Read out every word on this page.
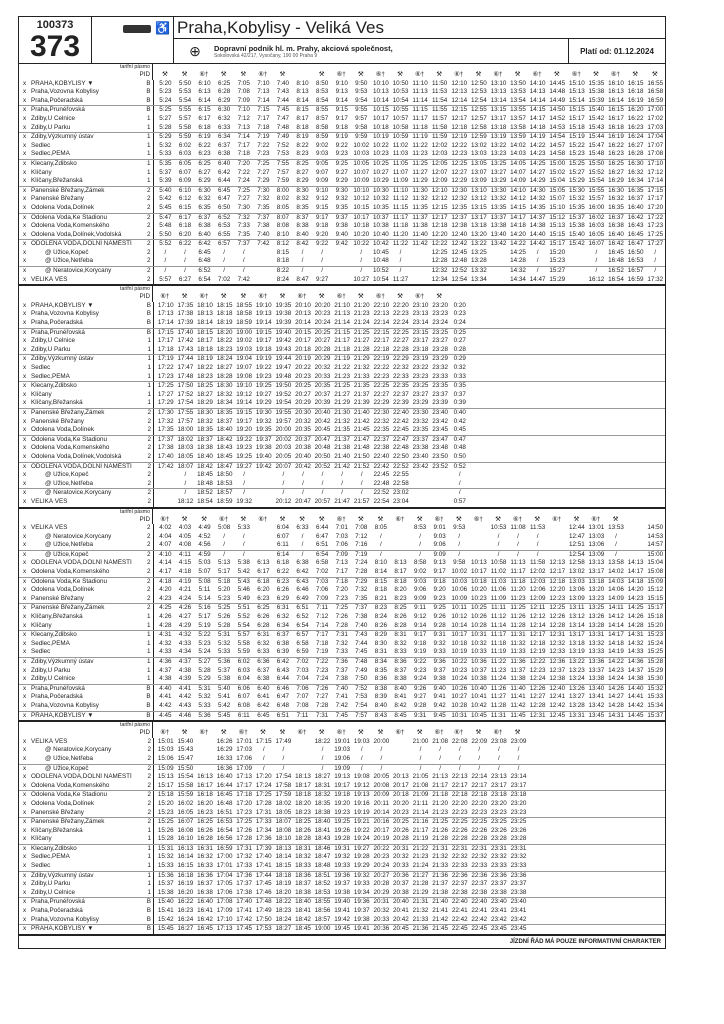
100373
373
♿ Praha,Kobylisy - Veliká Ves
⊕	Dopravní podnik hl. m. Prahy, akciová společnost,
Sokolovská 42/217, Vysočany, 190 00 Praha 9	Platí od: 01.12.2024
tarifní pásmo
PID	⚒	⚒	⑥†	⚒	⚒	⑥†	⚒	⚒	⑥†	⚒	⑥†	⚒	⑥†	⚒	⑥†	⚒	⑥†	⚒	⑥†	⚒	⑥†	⚒	⑥†	⚒	⚒
x PRAHA,KOBYLISY ▼	B	5:20	5:50	6:10	6:25	7:05	7:10	7:40	8:10	8:50	9:10	9:50 10:10 10:50 11:10 11:50 12:10 12:50 13:10 13:50 14:10 14:45 15:10 15:35 16:10 16:15 16:55
x Praha,Vozovna Kobylisy	B	5:23	5:53	6:13	6:28	7:08	7:13	7:43	8:13	8:53	9:13	9:53 10:13 10:53 11:13 11:53 12:13 12:53 13:13 13:53 14:13 14:48 15:13 15:38 16:13 16:18 16:58
x Praha,Počeradská	B	5:24	5:54	6:14	6:29	7:09	7:14	7:44	8:14	8:54	9:14	9:54 10:14 10:54 11:14 11:54 12:14 12:54 13:14 13:54 14:14 14:49 15:14 15:39 16:14 16:19 16:59
x Praha,Prunéřovská	B	5:25	5:55	6:15	6:30	7:10	7:15	7:45	8:15	8:55	9:15	9:55 10:15 10:55 11:15 11:55 12:15 12:55 13:15 13:55 14:15 14:50 15:15 15:40 16:15 16:20 17:00
x Zdiby,U Celnice	1	5:27	5:57	6:17	6:32	7:12	7:17	7:47	8:17	8:57	9:17	9:57 10:17 10:57 11:17 11:57 12:17 12:57 13:17 13:57 14:17 14:52 15:17 15:42 16:17 16:22 17:02
x Zdiby,U Parku	1	5:28	5:58	6:18	6:33	7:13	7:18	7:48	8:18	8:58	9:18	9:58 10:18 10:58 11:18 11:58 12:18 12:58 13:18 13:58 14:18 14:53 15:18 15:43 16:18 16:23 17:03
x Zdiby,Výzkumný ústav	1	5:29	5:59	6:19	6:34	7:14	7:19	7:49	8:19	8:59	9:19	9:59 10:19 10:59 11:19 11:59 12:19 12:59 13:19 13:59 14:19 14:54 15:19 15:44 16:19 16:24 17:04
x Sedlec	1	5:32	6:02	6:22	6:37	7:17	7:22	7:52	8:22	9:02	9:22 10:02 10:22 11:02 11:22 12:02 12:22 13:02 13:22 14:02 14:22 14:57 15:22 15:47 16:22 16:27 17:07
x Sedlec,PEMA	1	5:33	6:03	6:23	6:38	7:18	7:23	7:53	8:23	9:03	9:23 10:03 10:23 11:03 11:23 12:03 12:23 13:03 13:23 14:03 14:23 14:58 15:23 15:48 16:23 16:28 17:08
x Klecany,Zdibsko	1	5:35	6:05	6:25	6:40	7:20	7:25	7:55	8:25	9:05	9:25 10:05 10:25 11:05 11:25 12:05 12:25 13:05 13:25 14:05 14:25 15:00 15:25 15:50 16:25 16:30 17:10
x Klíčany	1	5:37	6:07	6:27	6:42	7:22	7:27	7:57	8:27	9:07	9:27 10:07 10:27 11:07 11:27 12:07 12:27 13:07 13:27 14:07 14:27 15:02 15:27 15:52 16:27 16:32 17:12
x Klíčany,Břežanská	1	5:39	6:09	6:29	6:44	7:24	7:29	7:59	8:29	9:09	9:29 10:09 10:29 11:09 11:29 12:09 12:29 13:09 13:29 14:09 14:29 15:04 15:29 15:54 16:29 16:34 17:14
x Panenské Břežany,Zámek	2	5:40	6:10	6:30	6:45	7:25	7:30	8:00	8:30	9:10	9:30 10:10 10:30 11:10 11:30 12:10 12:30 13:10 13:30 14:10 14:30 15:05 15:30 15:55 16:30 16:35 17:15
x Panenské Břežany	2	5:42	6:12	6:32	6:47	7:27	7:32	8:02	8:32	9:12	9:32 10:12 10:32 11:12 11:32 12:12 12:32 13:12 13:32 14:12 14:32 15:07 15:32 15:57 16:32 16:37 17:17
x Odolena Voda,Dolínek	2	5:45	6:15	6:35	6:50	7:30	7:35	8:05	8:35	9:15	9:35 10:15 10:35 11:15 11:35 12:15 12:35 13:15 13:35 14:15 14:35 15:10 15:35 16:00 16:35 16:40 17:20
x Odolena Voda,Ke Stadionu	2	5:47	6:17	6:37	6:52	7:32	7:37	8:07	8:37	9:17	9:37 10:17 10:37 11:17 11:37 12:17 12:37 13:17 13:37 14:17 14:37 15:12 15:37 16:02 16:37 16:42 17:22
x Odolena Voda,Komenského	2	5:48	6:18	6:38	6:53	7:33	7:38	8:08	8:38	9:18	9:38 10:18 10:38 11:18 11:38 12:18 12:38 13:18 13:38 14:18 14:38 15:13 15:38 16:03 16:38 16:43 17:23
x Odolena Voda,Dolínek,Vodolská	2	5:50	6:20	6:40	6:55	7:35	7:40	8:10	8:40	9:20	9:40 10:20 10:40 11:20 11:40 12:20 12:40 13:20 13:40 14:20 14:40 15:15 15:40 16:05 16:40 16:45 17:25
x ODOLENA VODA,DOLNÍ NÁMĚSTÍ	2	5:52	6:22	6:42	6:57	7:37	7:42	8:12	8:42	9:22	9:42 10:22 10:42 11:22 11:42 12:22 12:42 13:22 13:42 14:22 14:42 15:17 15:42 16:07 16:42 16:47 17:27
x	@ Užice,Kopeč	2	/	/	6:45	/	/	8:15	/	/	/	10:45	/	12:25 12:45 13:25	14:25	/	15:20	/	16:45 16:50	/
x	@ Užice,Netřeba	2	/	/	6:48	/	/	8:18	/	/	/	10:48	/	12:28 12:48 13:28	14:28	/	15:23	/	16:48 16:53	/
x	@ Neratovice,Korycany	2	/	/	6:52	/	/	8:22	/	/	/	10:52	/	12:32 12:52 13:32	14:32	/	15:27	/	16:52 16:57	/
x VELIKÁ VES	2	5:57	6:27	6:54	7:02	7:42	8:24	8:47	9:27	10:27 10:54 11:27	12:34 12:54 13:34	14:34 14:47 15:29	16:12 16:54 16:59 17:32
tarifní pásmo
PID	⑥†	⚒	⑥†	⚒	⚒	⑥†	⚒	⑥†	⚒	⑥†	⚒	⑥†	⚒	⑥†	⚒
x PRAHA,KOBYLISY ▼	B	17:10 17:35 18:10 18:15 18:55 19:10 19:35 20:10 20:20 21:10 21:20 22:10 22:20 23:10 23:20 0:20
x Praha,Vozovna Kobylisy	B	17:13 17:38 18:13 18:18 18:58 19:13 19:38 20:13 20:23 21:13 21:23 22:13 22:23 23:13 23:23 0:23
x Praha,Počeradská	B	17:14 17:39 18:14 18:19 18:59 19:14 19:39 20:14 20:24 21:14 21:24 22:14 22:24 23:14 23:24 0:24
x Praha,Prunéřovská	B	17:15 17:40 18:15 18:20 19:00 19:15 19:40 20:15 20:25 21:15 21:25 22:15 22:25 23:15 23:25 0:25
x Zdiby,U Celnice	1	17:17 17:42 18:17 18:22 19:02 19:17 19:42 20:17 20:27 21:17 21:27 22:17 22:27 23:17 23:27 0:27
x Zdiby,U Parku	1	17:18 17:43 18:18 18:23 19:03 19:18 19:43 20:18 20:28 21:18 21:28 22:18 22:28 23:18 23:28 0:28
x Zdiby,Výzkumný ústav	1	17:19 17:44 18:19 18:24 19:04 19:19 19:44 20:19 20:29 21:19 21:29 22:19 22:29 23:19 23:29 0:29
x Sedlec	1	17:22 17:47 18:22 18:27 19:07 19:22 19:47 20:22 20:32 21:22 21:32 22:22 22:32 23:22 23:32 0:32
x Sedlec,PEMA	1	17:23 17:48 18:23 18:28 19:08 19:23 19:48 20:23 20:33 21:23 21:33 22:23 22:33 23:23 23:33 0:33
x Klecany,Zdibsko	1	17:25 17:50 18:25 18:30 19:10 19:25 19:50 20:25 20:35 21:25 21:35 22:25 22:35 23:25 23:35 0:35
x Klíčany	1	17:27 17:52 18:27 18:32 19:12 19:27 19:52 20:27 20:37 21:27 21:37 22:27 22:37 23:27 23:37 0:37
x Klíčany,Břežanská	1	17:29 17:54 18:29 18:34 19:14 19:29 19:54 20:29 20:39 21:29 21:39 22:29 22:39 23:29 23:39 0:39
x Panenské Břežany,Zámek	2	17:30 17:55 18:30 18:35 19:15 19:30 19:55 20:30 20:40 21:30 21:40 22:30 22:40 23:30 23:40 0:40
x Panenské Břežany	2	17:32 17:57 18:32 18:37 19:17 19:32 19:57 20:32 20:42 21:32 21:42 22:32 22:42 23:32 23:42 0:42
x Odolena Voda,Dolínek	2	17:35 18:00 18:35 18:40 19:20 19:35 20:00 20:35 20:45 21:35 21:45 22:35 22:45 23:35 23:45 0:45
x Odolena Voda,Ke Stadionu	2	17:37 18:02 18:37 18:42 19:22 19:37 20:02 20:37 20:47 21:37 21:47 22:37 22:47 23:37 23:47 0:47
x Odolena Voda,Komenského	2	17:38 18:03 18:38 18:43 19:23 19:38 20:03 20:38 20:48 21:38 21:48 22:38 22:48 23:38 23:48 0:48
x Odolena Voda,Dolínek,Vodolská	2	17:40 18:05 18:40 18:45 19:25 19:40 20:05 20:40 20:50 21:40 21:50 22:40 22:50 23:40 23:50 0:50
x ODOLENA VODA,DOLNÍ NÁMĚSTÍ	2	17:42 18:07 18:42 18:47 19:27 19:42 20:07 20:42 20:52 21:42 21:52 22:42 22:52 23:42 23:52 0:52
x	@ Užice,Kopeč	2	/	18:45 18:50	/	/	/	/	/	/	22:45 22:55	/
x	@ Užice,Netřeba	2	/	18:48 18:53	/	/	/	/	/	/	22:48 22:58	/
x	@ Neratovice,Korycany	2	/	18:52 18:57	/	/	/	/	/	/	22:52 23:02	/
x VELIKÁ VES	2	18:12 18:54 18:59 19:32	20:12 20:47 20:57 21:47 21:57 22:54 23:04	0:57
tarifní pásmo
PID	⑥†	⚒	⚒	⑥†	⚒	⑥†	⚒	⚒	⚒	⑥†	⚒	⚒	⑥†	⚒	⑥†	⚒	⑥†	⚒	⑥†	⚒	⑥†	⚒	⑥†	⚒
x VELIKÁ VES	2	4:02	4:03	4:49	5:08	5:33	6:04	6:33	6:44	7:01	7:08	8:05	8:53	9:01	9:53	10:53 11:08 11:53	12:44 13:01 13:53	14:50
x	@ Neratovice,Korycany	2	4:04	4:05	4:52	/	/	6:07	/	6:47	7:03	7:12	/	/	9:03	/	/	/	/	12:47 13:03	/	14:53
x	@ Užice,Netřeba	2	4:07	4:08	4:56	/	/	6:11	/	6:51	7:06	7:16	/	/	9:06	/	/	/	/	12:51 13:06	/	14:57
x	@ Užice,Kopeč	2	4:10	4:11	4:59	/	/	6:14	/	6:54	7:09	7:19	/	/	9:09	/	/	/	/	12:54 13:09	/	15:00
x ODOLENA VODA,DOLNÍ NÁMĚSTÍ	2	4:14	4:15	5:03	5:13	5:38	6:13	6:18	6:38	6:58	7:13	7:24	8:10	8:13	8:58	9:13	9:58 10:13 10:58 11:13 11:58 12:13 12:58 13:13 13:58 14:13 15:04
x Odolena Voda,Komenského	2	4:17	4:18	5:07	5:17	5:42	6:17	6:22	6:42	7:02	7:17	7:28	8:14	8:17	9:02	9:17 10:02 10:17 11:02 11:17 12:02 12:17 13:02 13:17 14:02 14:17 15:08
x Odolena Voda,Ke Stadionu	2	4:18	4:19	5:08	5:18	5:43	6:18	6:23	6:43	7:03	7:18	7:29	8:15	8:18	9:03	9:18 10:03 10:18 11:03 11:18 12:03 12:18 13:03 13:18 14:03 14:18 15:09
x Odolena Voda,Dolínek	2	4:20	4:21	5:11	5:20	5:46	6:20	6:26	6:46	7:06	7:20	7:32	8:18	8:20	9:06	9:20 10:06 10:20 11:06 11:20 12:06 12:20 13:06 13:20 14:06 14:20 15:12
x Panenské Břežany	2	4:23	4:24	5:14	5:23	5:49	6:23	6:29	6:49	7:09	7:23	7:35	8:21	8:23	9:09	9:23 10:09 10:23 11:09 11:23 12:09 12:23 13:09 13:23 14:09 14:23 15:15
x Panenské Břežany,Zámek	2	4:25	4:26	5:16	5:25	5:51	6:25	6:31	6:51	7:11	7:25	7:37	8:23	8:25	9:11	9:25 10:11 10:25 11:11 11:25 12:11 12:25 13:11 13:25 14:11 14:25 15:17
x Klíčany,Břežanská	1	4:26	4:27	5:17	5:26	5:52	6:26	6:32	6:52	7:12	7:26	7:38	8:24	8:26	9:12	9:26 10:12 10:26 11:12 11:26 12:12 12:26 13:12 13:26 14:12 14:26 15:18
x Klíčany	1	4:28	4:29	5:19	5:28	5:54	6:28	6:34	6:54	7:14	7:28	7:40	8:26	8:28	9:14	9:28 10:14 10:28 11:14 11:28 12:14 12:28 13:14 13:28 14:14 14:28 15:20
x Klecany,Zdibsko	1	4:31	4:32	5:22	5:31	5:57	6:31	6:37	6:57	7:17	7:31	7:43	8:29	8:31	9:17	9:31 10:17 10:31 11:17 11:31 12:17 12:31 13:17 13:31 14:17 14:31 15:23
x Sedlec,PEMA	1	4:32	4:33	5:23	5:32	5:58	6:32	6:38	6:58	7:18	7:32	7:44	8:30	8:32	9:18	9:32 10:18 10:32 11:18 11:32 12:18 12:32 13:18 13:32 14:18 14:32 15:24
x Sedlec	1	4:33	4:34	5:24	5:33	5:59	6:33	6:39	6:59	7:19	7:33	7:45	8:31	8:33	9:19	9:33 10:19 10:33 11:19 11:33 12:19 12:33 13:19 13:33 14:19 14:33 15:25
x Zdiby,Výzkumný ústav	1	4:36	4:37	5:27	5:36	6:02	6:36	6:42	7:02	7:22	7:36	7:48	8:34	8:36	9:22	9:36 10:22 10:36 11:22 11:36 12:22 12:36 13:22 13:36 14:22 14:36 15:28
x Zdiby,U Parku	1	4:37	4:38	5:28	5:37	6:03	6:37	6:43	7:03	7:23	7:37	7:49	8:35	8:37	9:23	9:37 10:23 10:37 11:23 11:37 12:23 12:37 13:23 13:37 14:23 14:37 15:29
x Zdiby,U Celnice	1	4:38	4:39	5:29	5:38	6:04	6:38	6:44	7:04	7:24	7:38	7:50	8:36	8:38	9:24	9:38 10:24 10:38 11:24 11:38 12:24 12:38 13:24 13:38 14:24 14:38 15:30
x Praha,Prunéřovská	B	4:40	4:41	5:31	5:40	6:06	6:40	6:46	7:06	7:26	7:40	7:52	8:38	8:40	9:26	9:40 10:26 10:40 11:26 11:40 12:26 12:40 13:26 13:40 14:26 14:40 15:32
x Praha,Počeradská	B	4:41	4:42	5:32	5:41	6:07	6:41	6:47	7:07	7:27	7:41	7:53	8:39	8:41	9:27	9:41 10:27 10:41 11:27 11:41 12:27 12:41 13:27 13:41 14:27 14:41 15:33
x Praha,Vozovna Kobylisy	B	4:42	4:43	5:33	5:42	6:08	6:42	6:48	7:08	7:28	7:42	7:54	8:40	8:42	9:28	9:42 10:28 10:42 11:28 11:42 12:28 12:42 13:28 13:42 14:28 14:42 15:34
x PRAHA,KOBYLISY ▼	B	4:45	4:46	5:36	5:45	6:11	6:45	6:51	7:11	7:31	7:45	7:57	8:43	8:45	9:31	9:45 10:31 10:45 11:31 11:45 12:31 12:45 13:31 13:45 14:31 14:45 15:37
tarifní pásmo
PID	⑥†	⚒	⑥†	⚒	⑥†	⚒	⚒	⑥†	⚒	⑥†	⚒	⚒	⑥†	⚒	⑥†	⑥†	⚒	⑥†	⚒
x VELIKÁ VES	2	15:01 15:40	16:26 17:01 17:15 17:49	18:22 19:01 19:03 20:00	21:00 21:08 22:08 22:09 23:08 23:09
x	@ Neratovice,Korycany	2	15:03 15:43	16:29 17:03	/	/	/	19:03	/	/	/	/	/	/	/	/
x	@ Užice,Netřeba	2	15:06 15:47	16:33 17:06	/	/	/	19:06	/	/	/	/	/	/	/	/
x	@ Užice,Kopeč	2	15:09 15:50	16:36 17:09	/	/	/	19:09	/	/	/	/	/	/	/	/
x ODOLENA VODA,DOLNÍ NÁMĚSTÍ	2	15:13 15:54 16:13 16:40 17:13 17:20 17:54 18:13 18:27 19:13 19:08 20:05 20:13 21:05 21:13 22:13 22:14 23:13 23:14
x Odolena Voda,Komenského	2	15:17 15:58 16:17 16:44 17:17 17:24 17:58 18:17 18:31 19:17 19:12 20:08 20:17 21:08 21:17 22:17 22:17 23:17 23:17
x Odolena Voda,Ke Stadionu	2	15:18 15:59 16:18 16:45 17:18 17:25 17:59 18:18 18:32 19:18 19:13 20:09 20:18 21:09 21:18 22:18 22:18 23:18 23:18
x Odolena Voda,Dolínek	2	15:20 16:02 16:20 16:48 17:20 17:28 18:02 18:20 18:35 19:20 19:16 20:11 20:20 21:11 21:20 22:20 22:20 23:20 23:20
x Panenské Břežany	2	15:23 16:05 16:23 16:51 17:23 17:31 18:05 18:23 18:38 19:23 19:19 20:14 20:23 21:14 21:23 22:23 22:23 23:23 23:23
x Panenské Břežany,Zámek	2	15:25 16:07 16:25 16:53 17:25 17:33 18:07 18:25 18:40 19:25 19:21 20:16 20:25 21:16 21:25 22:25 22:25 23:25 23:25
x Klíčany,Břežanská	1	15:26 16:08 16:26 16:54 17:26 17:34 18:08 18:26 18:41 19:26 19:22 20:17 20:26 21:17 21:26 22:26 22:26 23:26 23:26
x Klíčany	1	15:28 16:10 16:28 16:56 17:28 17:36 18:10 18:28 18:43 19:28 19:24 20:19 20:28 21:19 21:28 22:28 22:28 23:28 23:28
x Klecany,Zdibsko	1	15:31 16:13 16:31 16:59 17:31 17:39 18:13 18:31 18:46 19:31 19:27 20:22 20:31 21:22 21:31 22:31 22:31 23:31 23:31
x Sedlec,PEMA	1	15:32 16:14 16:32 17:00 17:32 17:40 18:14 18:32 18:47 19:32 19:28 20:23 20:32 21:23 21:32 22:32 22:32 23:32 23:32
x Sedlec	1	15:33 16:15 16:33 17:01 17:33 17:41 18:15 18:33 18:48 19:33 19:29 20:24 20:33 21:24 21:33 22:33 22:33 23:33 23:33
x Zdiby,Výzkumný ústav	1	15:36 16:18 16:36 17:04 17:36 17:44 18:18 18:36 18:51 19:36 19:32 20:27 20:36 21:27 21:36 22:36 22:36 23:36 23:36
x Zdiby,U Parku	1	15:37 16:19 16:37 17:05 17:37 17:45 18:19 18:37 18:52 19:37 19:33 20:28 20:37 21:28 21:37 22:37 22:37 23:37 23:37
x Zdiby,U Celnice	1	15:38 16:20 16:38 17:06 17:38 17:46 18:20 18:38 18:53 19:38 19:34 20:29 20:38 21:29 21:38 22:38 22:38 23:38 23:38
x Praha,Prunéřovská	B	15:40 16:22 16:40 17:08 17:40 17:48 18:22 18:40 18:55 19:40 19:36 20:31 20:40 21:31 21:40 22:40 22:40 23:40 23:40
x Praha,Počeradská	B	15:41 16:23 16:41 17:09 17:41 17:49 18:23 18:41 18:56 19:41 19:37 20:32 20:41 21:32 21:41 22:41 22:41 23:41 23:41
x Praha,Vozovna Kobylisy	B	15:42 16:24 16:42 17:10 17:42 17:50 18:24 18:42 18:57 19:42 19:38 20:33 20:42 21:33 21:42 22:42 22:42 23:42 23:42
x PRAHA,KOBYLISY ▼	B	15:45 16:27 16:45 17:13 17:45 17:53 18:27 18:45 19:00 19:45 19:41 20:36 20:45 21:36 21:45 22:45 22:45 23:45 23:45
JÍZDNÍ ŘÁD MÁ POUZE INFORMATIVNÍ CHARAKTER
